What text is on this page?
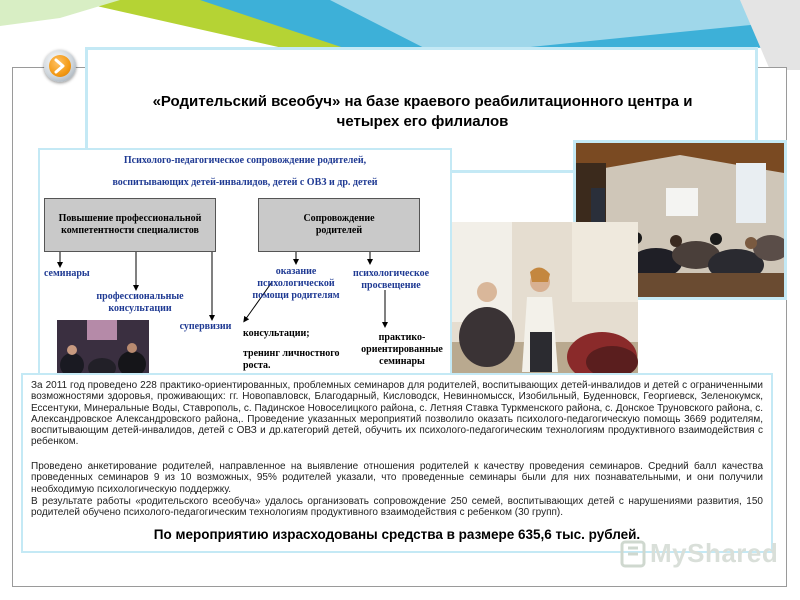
«Родительский всеобуч» на базе краевого реабилитационного центра и
четырех его филиалов
Психолого-педагогическое сопровождение родителей,
воспитывающих детей-инвалидов, детей с ОВЗ и др. детей
Повышение профессиональной компетентности специалистов
Сопровождение родителей
семинары
профессиональные консультации
супервизии
оказание психологической помощи родителям
психологическое просвещение
консультации;
тренинг личностного роста.
практико-ориентированные семинары

За 2011 год проведено 228 практико-ориентированных, проблемных семинаров для родителей, воспитывающих детей-инвалидов и детей с ограниченными возможностями здоровья, проживающих: гг. Новопавловск, Благодарный, Кисловодск, Невинномысск, Изобильный, Буденновск, Георгиевск, Зеленокумск, Ессентуки, Минеральные Воды, Ставрополь, с. Падинское Новоселицкого района, с. Летняя Ставка Туркменского района, с. Донское Труновского района, с. Александровское Александровского района,. Проведение указанных мероприятий позволило оказать психолого-педагогическую помощь 3669 родителям, воспитывающим детей-инвалидов, детей с ОВЗ и др.категорий детей, обучить их психолого-педагогическим технологиям продуктивного взаимодействия с ребенком.

Проведено анкетирование родителей, направленное на выявление отношения родителей к качеству проведения семинаров. Средний балл качества проведенных семинаров 9 из 10 возможных, 95% родителей указали, что проведенные семинары были для них познавательными, и они получили необходимую психологическую поддержку.

В результате работы «родительского всеобуча» удалось организовать сопровождение 250 семей, воспитывающих детей с нарушениями развития, 150 родителей обучено психолого-педагогическим технологиям продуктивного взаимодействия с ребенком (30 групп).

По мероприятию израсходованы средства в размере 635,6 тыс. рублей.
MyShared
